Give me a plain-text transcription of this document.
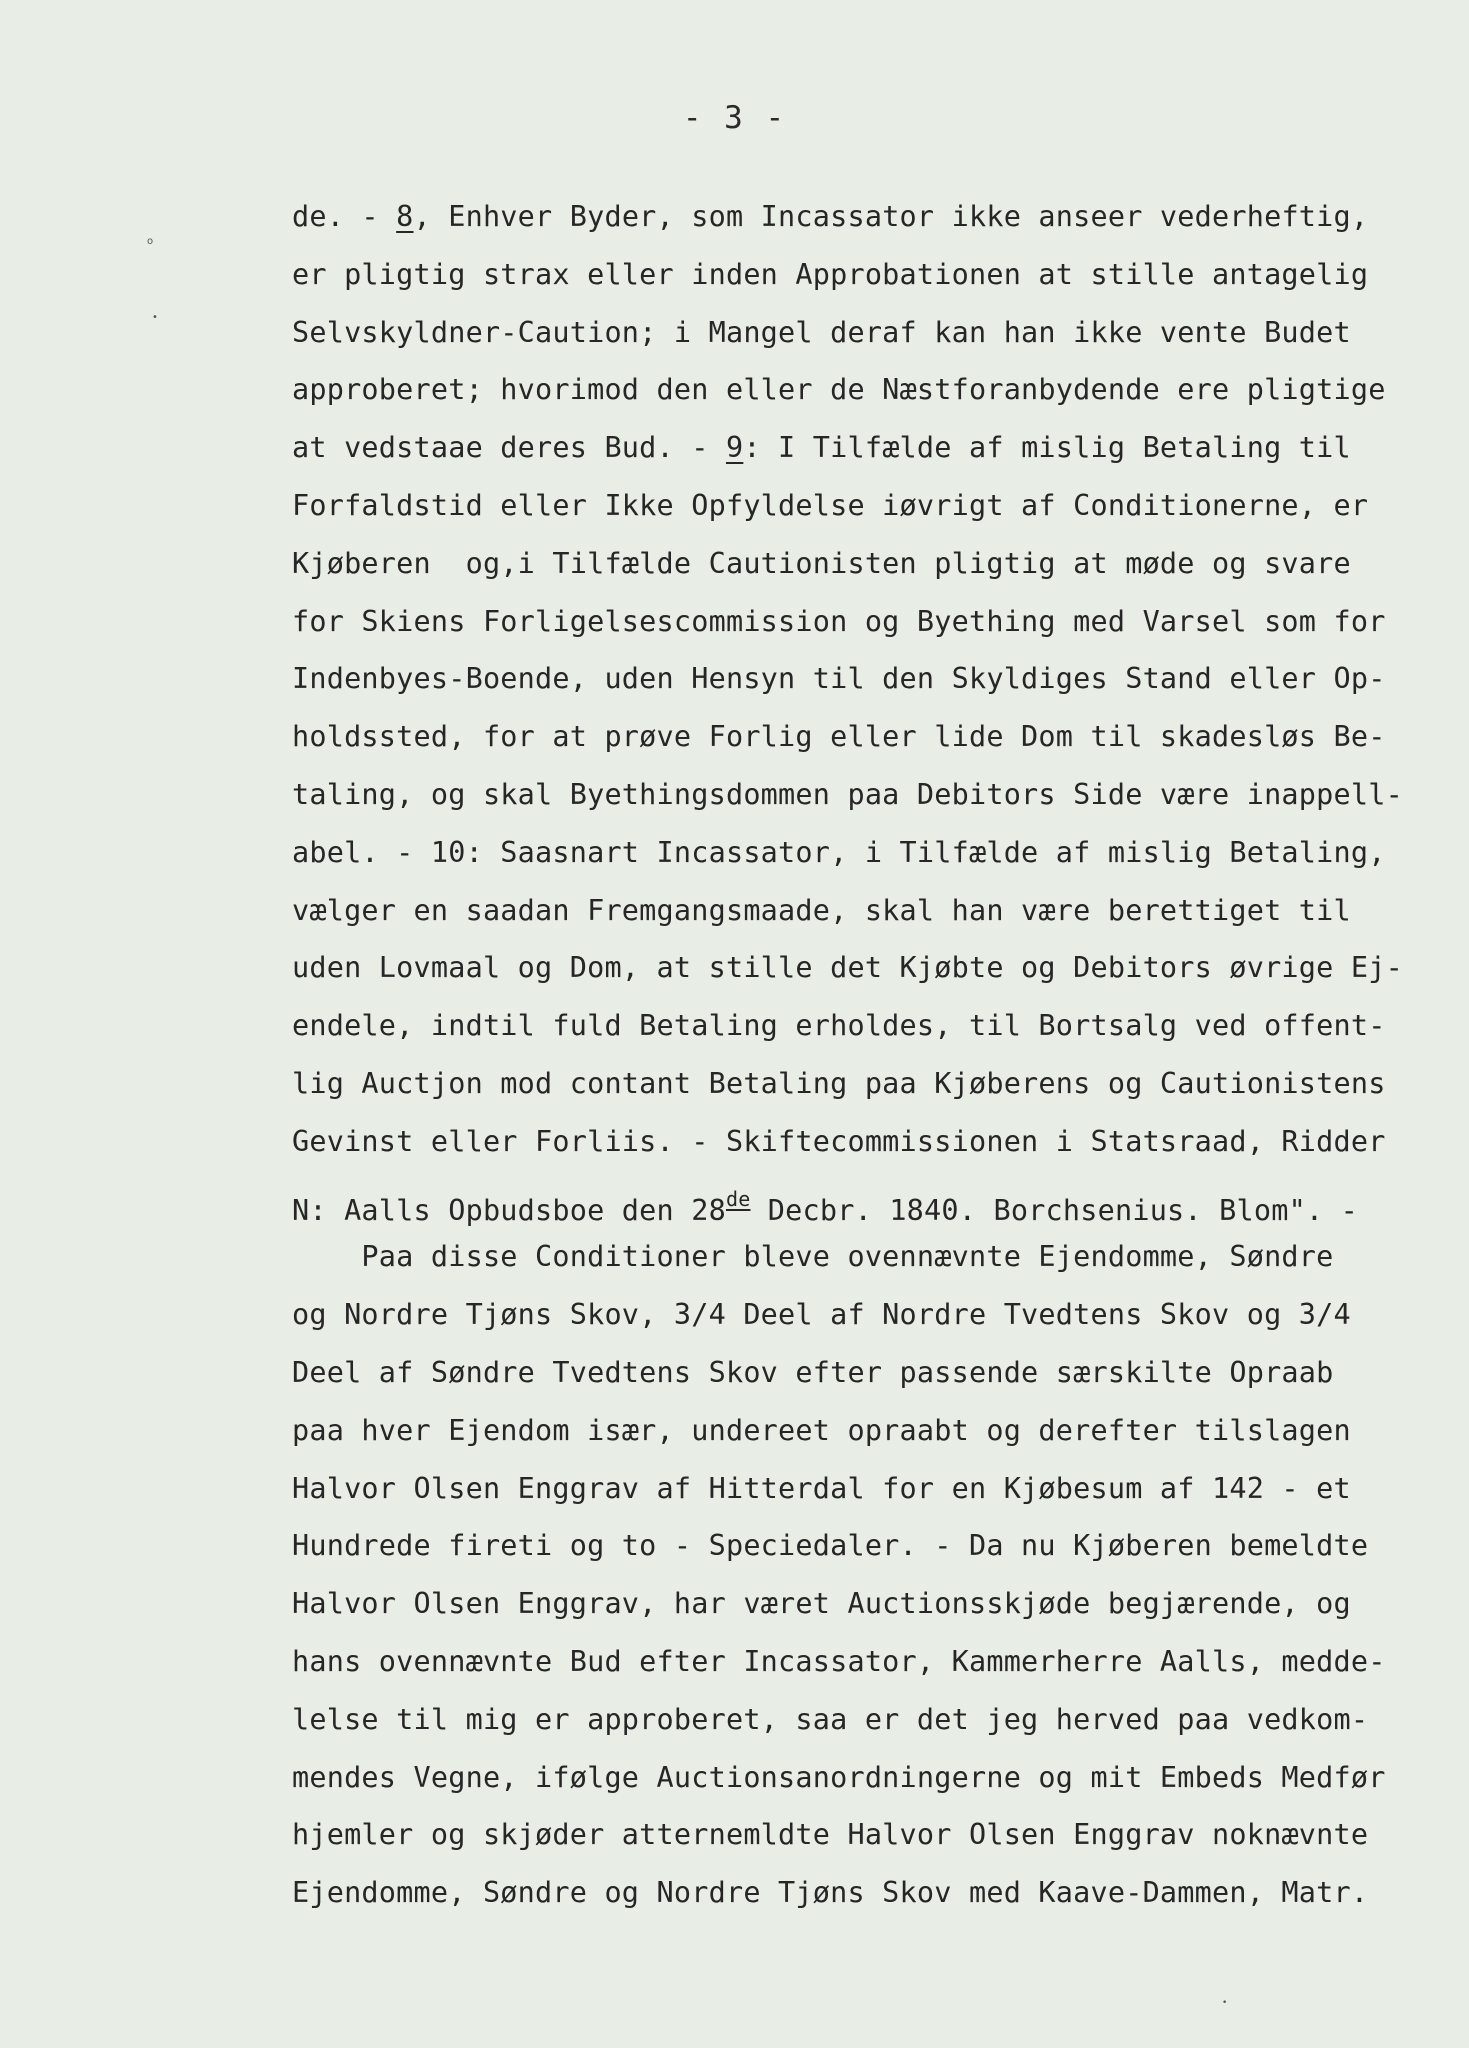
- 3 -
o
•
•
de. - 8, Enhver Byder, som Incassator ikke anseer vederheftig,
er pligtig strax eller inden Approbationen at stille antagelig
Selvskyldner-Caution; i Mangel deraf kan han ikke vente Budet
approberet; hvorimod den eller de Næstforanbydende ere pligtige
at vedstaae deres Bud. - 9: I Tilfælde af mislig Betaling til
Forfaldstid eller Ikke Opfyldelse iøvrigt af Conditionerne, er
Kjøberen  og,i Tilfælde Cautionisten pligtig at møde og svare
for Skiens Forligelsescommission og Byething med Varsel som for
Indenbyes-Boende, uden Hensyn til den Skyldiges Stand eller Op-
holdssted, for at prøve Forlig eller lide Dom til skadesløs Be-
taling, og skal Byethingsdommen paa Debitors Side være inappell-
abel. - 10: Saasnart Incassator, i Tilfælde af mislig Betaling,
vælger en saadan Fremgangsmaade, skal han være berettiget til
uden Lovmaal og Dom, at stille det Kjøbte og Debitors øvrige Ej-
endele, indtil fuld Betaling erholdes, til Bortsalg ved offent-
lig Auctjon mod contant Betaling paa Kjøberens og Cautionistens
Gevinst eller Forliis. - Skiftecommissionen i Statsraad, Ridder
N: Aalls Opbudsboe den 28de Decbr. 1840. Borchsenius. Blom". -
Paa disse Conditioner bleve ovennævnte Ejendomme, Søndre
og Nordre Tjøns Skov, 3/4 Deel af Nordre Tvedtens Skov og 3/4
Deel af Søndre Tvedtens Skov efter passende særskilte Opraab
paa hver Ejendom især, undereet opraabt og derefter tilslagen
Halvor Olsen Enggrav af Hitterdal for en Kjøbesum af 142 - et
Hundrede fireti og to - Speciedaler. - Da nu Kjøberen bemeldte
Halvor Olsen Enggrav, har været Auctionsskjøde begjærende, og
hans ovennævnte Bud efter Incassator, Kammerherre Aalls, medde-
lelse til mig er approberet, saa er det jeg herved paa vedkom-
mendes Vegne, ifølge Auctionsanordningerne og mit Embeds Medfør
hjemler og skjøder atternemldte Halvor Olsen Enggrav noknævnte
Ejendomme, Søndre og Nordre Tjøns Skov med Kaave-Dammen, Matr.
